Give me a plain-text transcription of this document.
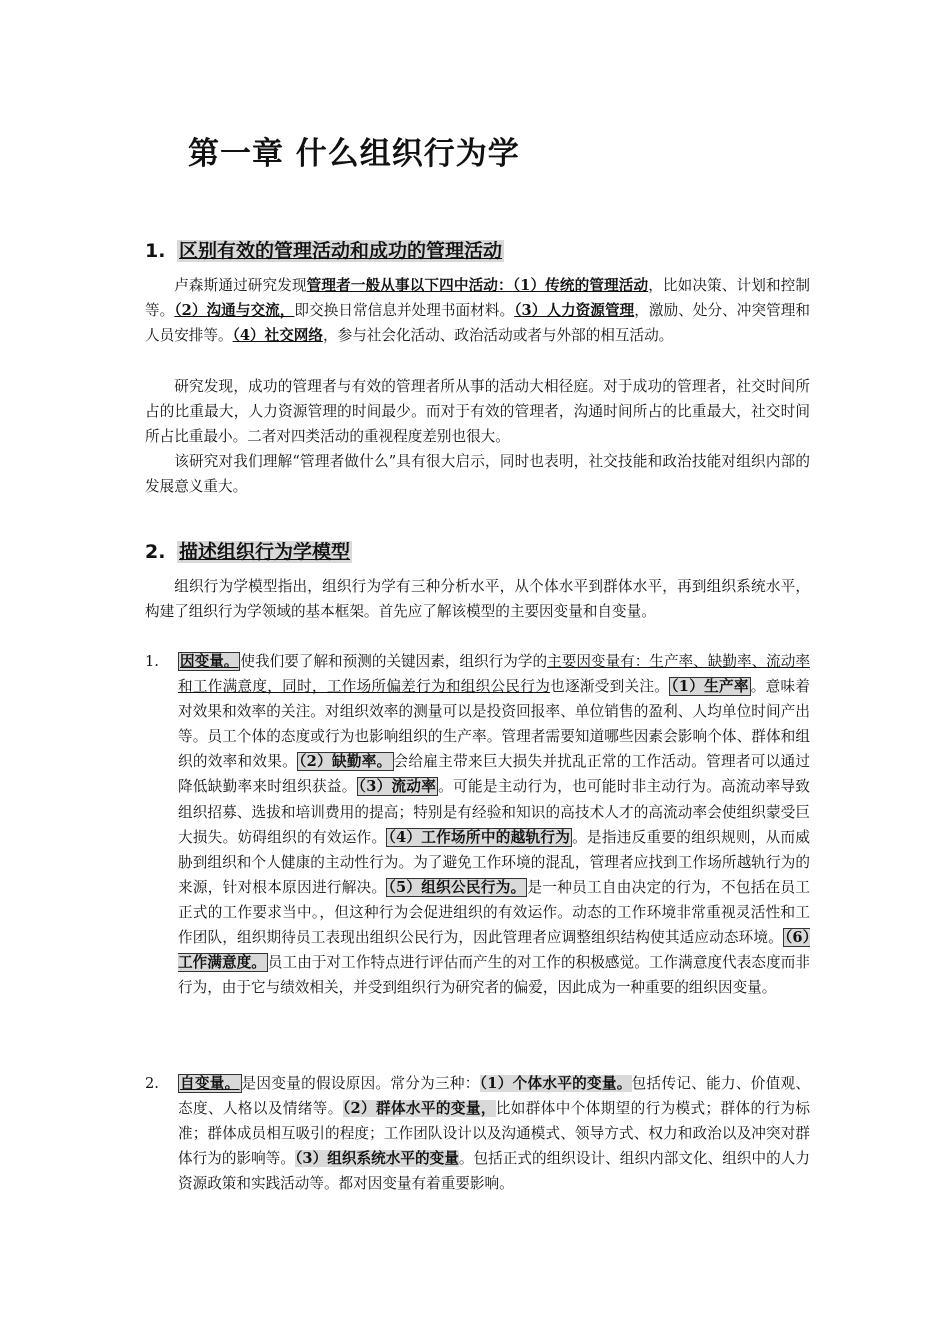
第一章 什么组织行为学
1. 区别有效的管理活动和成功的管理活动

卢森斯通过研究发现管理者一般从事以下四中活动：（1）传统的管理活动，比如决策、计划和控制等。（2）沟通与交流，即交换日常信息并处理书面材料。（3）人力资源管理，激励、处分、冲突管理和人员安排等。（4）社交网络，参与社会化活动、政治活动或者与外部的相互活动。

研究发现，成功的管理者与有效的管理者所从事的活动大相径庭。对于成功的管理者，社交时间所占的比重最大，人力资源管理的时间最少。而对于有效的管理者，沟通时间所占的比重最大，社交时间所占比重最小。二者对四类活动的重视程度差别也很大。

该研究对我们理解“管理者做什么”具有很大启示，同时也表明，社交技能和政治技能对组织内部的发展意义重大。

2. 描述组织行为学模型

组织行为学模型指出，组织行为学有三种分析水平，从个体水平到群体水平，再到组织系统水平，构建了组织行为学领域的基本框架。首先应了解该模型的主要因变量和自变量。

1. 因变量。 使我们要了解和预测的关键因素，组织行为学的主要因变量有：生产率、缺勤率、流动率和工作满意度，同时，工作场所偏差行为和组织公民行为也逐渐受到关注。 （1）生产率 。意味着对效果和效率的关注。对组织效率的测量可以是投资回报率、单位销售的盈利、人均单位时间产出等。员工个体的态度或行为也影响组织的生产率。管理者需要知道哪些因素会影响个体、群体和组织的效率和效果。 （2）缺勤率。 会给雇主带来巨大损失并扰乱正常的工作活动。管理者可以通过降低缺勤率来时组织获益。 （3）流动率 。可能是主动行为，也可能时非主动行为。高流动率导致组织招募、选拔和培训费用的提高；特别是有经验和知识的高技术人才的高流动率会使组织蒙受巨大损失。妨碍组织的有效运作。 （4）工作场所中的越轨行为 。是指违反重要的组织规则，从而威胁到组织和个人健康的主动性行为。为了避免工作环境的混乱，管理者应找到工作场所越轨行为的来源，针对根本原因进行解决。 （5）组织公民行为。 是一种员工自由决定的行为，不包括在员工正式的工作要求当中。，但这种行为会促进组织的有效运作。动态的工作环境非常重视灵活性和工作团队，组织期待员工表现出组织公民行为，因此管理者应调整组织结构使其适应动态环境。 （6）工作满意度。 员工由于对工作特点进行评估而产生的对工作的积极感觉。工作满意度代表态度而非行为，由于它与绩效相关，并受到组织行为研究者的偏爱，因此成为一种重要的组织因变量。
2. 自变量。 是因变量的假设原因。常分为三种：（1）个体水平的变量。包括传记、能力、价值观、态度、人格以及情绪等。（2）群体水平的变量，比如群体中个体期望的行为模式；群体的行为标准；群体成员相互吸引的程度；工作团队设计以及沟通模式、领导方式、权力和政治以及冲突对群体行为的影响等。（3）组织系统水平的变量。包括正式的组织设计、组织内部文化、组织中的人力资源政策和实践活动等。都对因变量有着重要影响。
